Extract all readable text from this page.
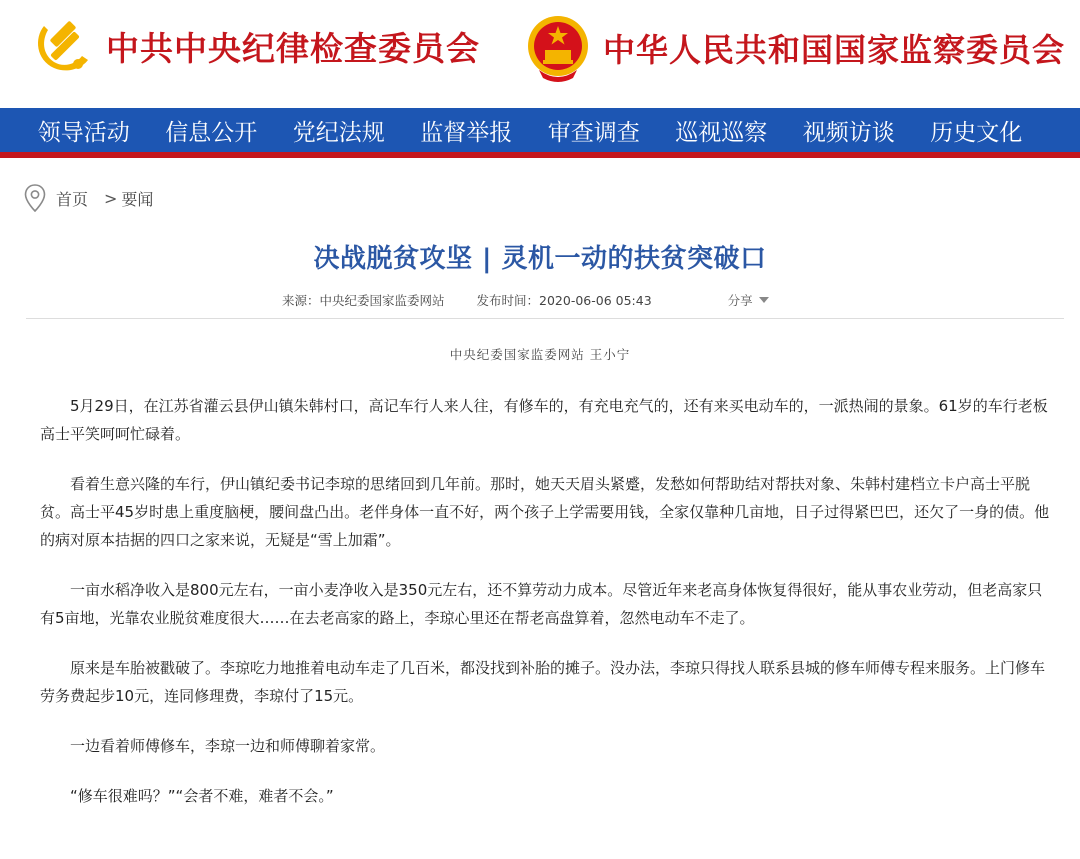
中共中央纪律检查委员会	中华人民共和国国家监察委员会
领导活动	信息公开	党纪法规	监督举报	审查调查	巡视巡察	视频访谈	历史文化
首页 > 要闻
决战脱贫攻坚 | 灵机一动的扶贫突破口
来源：中央纪委国家监委网站	发布时间：2020-06-06 05:43	分享
中央纪委国家监委网站 王小宁

5月29日，在江苏省灌云县伊山镇朱韩村口，高记车行人来人往，有修车的，有充电充气的，还有来买电动车的，一派热闹的景象。61岁的车行老板高士平笑呵呵忙碌着。

看着生意兴隆的车行，伊山镇纪委书记李琼的思绪回到几年前。那时，她天天眉头紧蹙，发愁如何帮助结对帮扶对象、朱韩村建档立卡户高士平脱贫。高士平45岁时患上重度脑梗，腰间盘凸出。老伴身体一直不好，两个孩子上学需要用钱，全家仅靠种几亩地，日子过得紧巴巴，还欠了一身的债。他的病对原本拮据的四口之家来说，无疑是“雪上加霜”。

一亩水稻净收入是800元左右，一亩小麦净收入是350元左右，还不算劳动力成本。尽管近年来老高身体恢复得很好，能从事农业劳动，但老高家只有5亩地，光靠农业脱贫难度很大……在去老高家的路上，李琼心里还在帮老高盘算着，忽然电动车不走了。

原来是车胎被戳破了。李琼吃力地推着电动车走了几百米，都没找到补胎的摊子。没办法，李琼只得找人联系县城的修车师傅专程来服务。上门修车劳务费起步10元，连同修理费，李琼付了15元。

一边看着师傅修车，李琼一边和师傅聊着家常。

“修车很难吗？”“会者不难，难者不会。”
